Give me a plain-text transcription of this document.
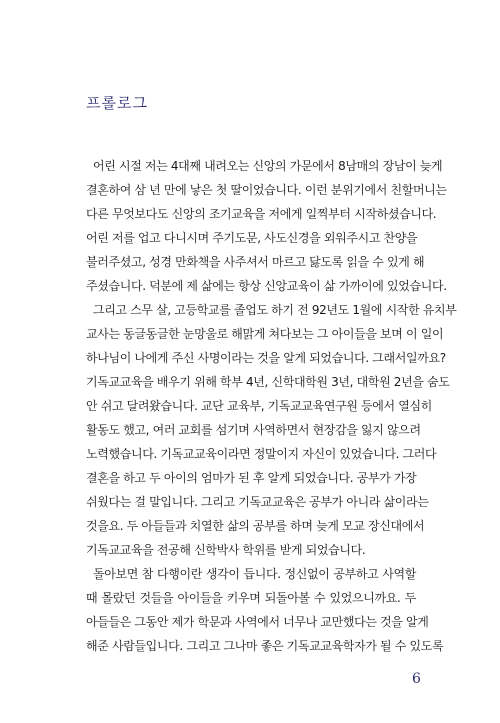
프롤로그
어린 시절 저는 4대째 내려오는 신앙의 가문에서 8남매의 장남이 늦게
결혼하여 삼 년 만에 낳은 첫 딸이었습니다. 이런 분위기에서 친할머니는
다른 무엇보다도 신앙의 조기교육을 저에게 일찍부터 시작하셨습니다.
어린 저를 업고 다니시며 주기도문, 사도신경을 외워주시고 찬양을
불러주셨고, 성경 만화책을 사주셔서 마르고 닳도록 읽을 수 있게 해
주셨습니다. 덕분에 제 삶에는 항상 신앙교육이 삶 가까이에 있었습니다.
그리고 스무 살, 고등학교를 졸업도 하기 전 92년도 1월에 시작한 유치부
교사는 동글동글한 눈망울로 해맑게 쳐다보는 그 아이들을 보며 이 일이
하나님이 나에게 주신 사명이라는 것을 알게 되었습니다. 그래서일까요?
기독교교육을 배우기 위해 학부 4년, 신학대학원 3년, 대학원 2년을 숨도
안 쉬고 달려왔습니다. 교단 교육부, 기독교교육연구원 등에서 열심히
활동도 했고, 여러 교회를 섬기며 사역하면서 현장감을 잃지 않으려
노력했습니다. 기독교교육이라면 정말이지 자신이 있었습니다. 그러다
결혼을 하고 두 아이의 엄마가 된 후 알게 되었습니다. 공부가 가장
쉬웠다는 걸 말입니다. 그리고 기독교교육은 공부가 아니라 삶이라는
것을요. 두 아들들과 치열한 삶의 공부를 하며 늦게 모교 장신대에서
기독교교육을 전공해 신학박사 학위를 받게 되었습니다.
돌아보면 참 다행이란 생각이 듭니다. 정신없이 공부하고 사역할
때 몰랐던 것들을 아이들을 키우며 되돌아볼 수 있었으니까요. 두
아들들은 그동안 제가 학문과 사역에서 너무나 교만했다는 것을 알게
해준 사람들입니다. 그리고 그나마 좋은 기독교교육학자가 될 수 있도록
6
